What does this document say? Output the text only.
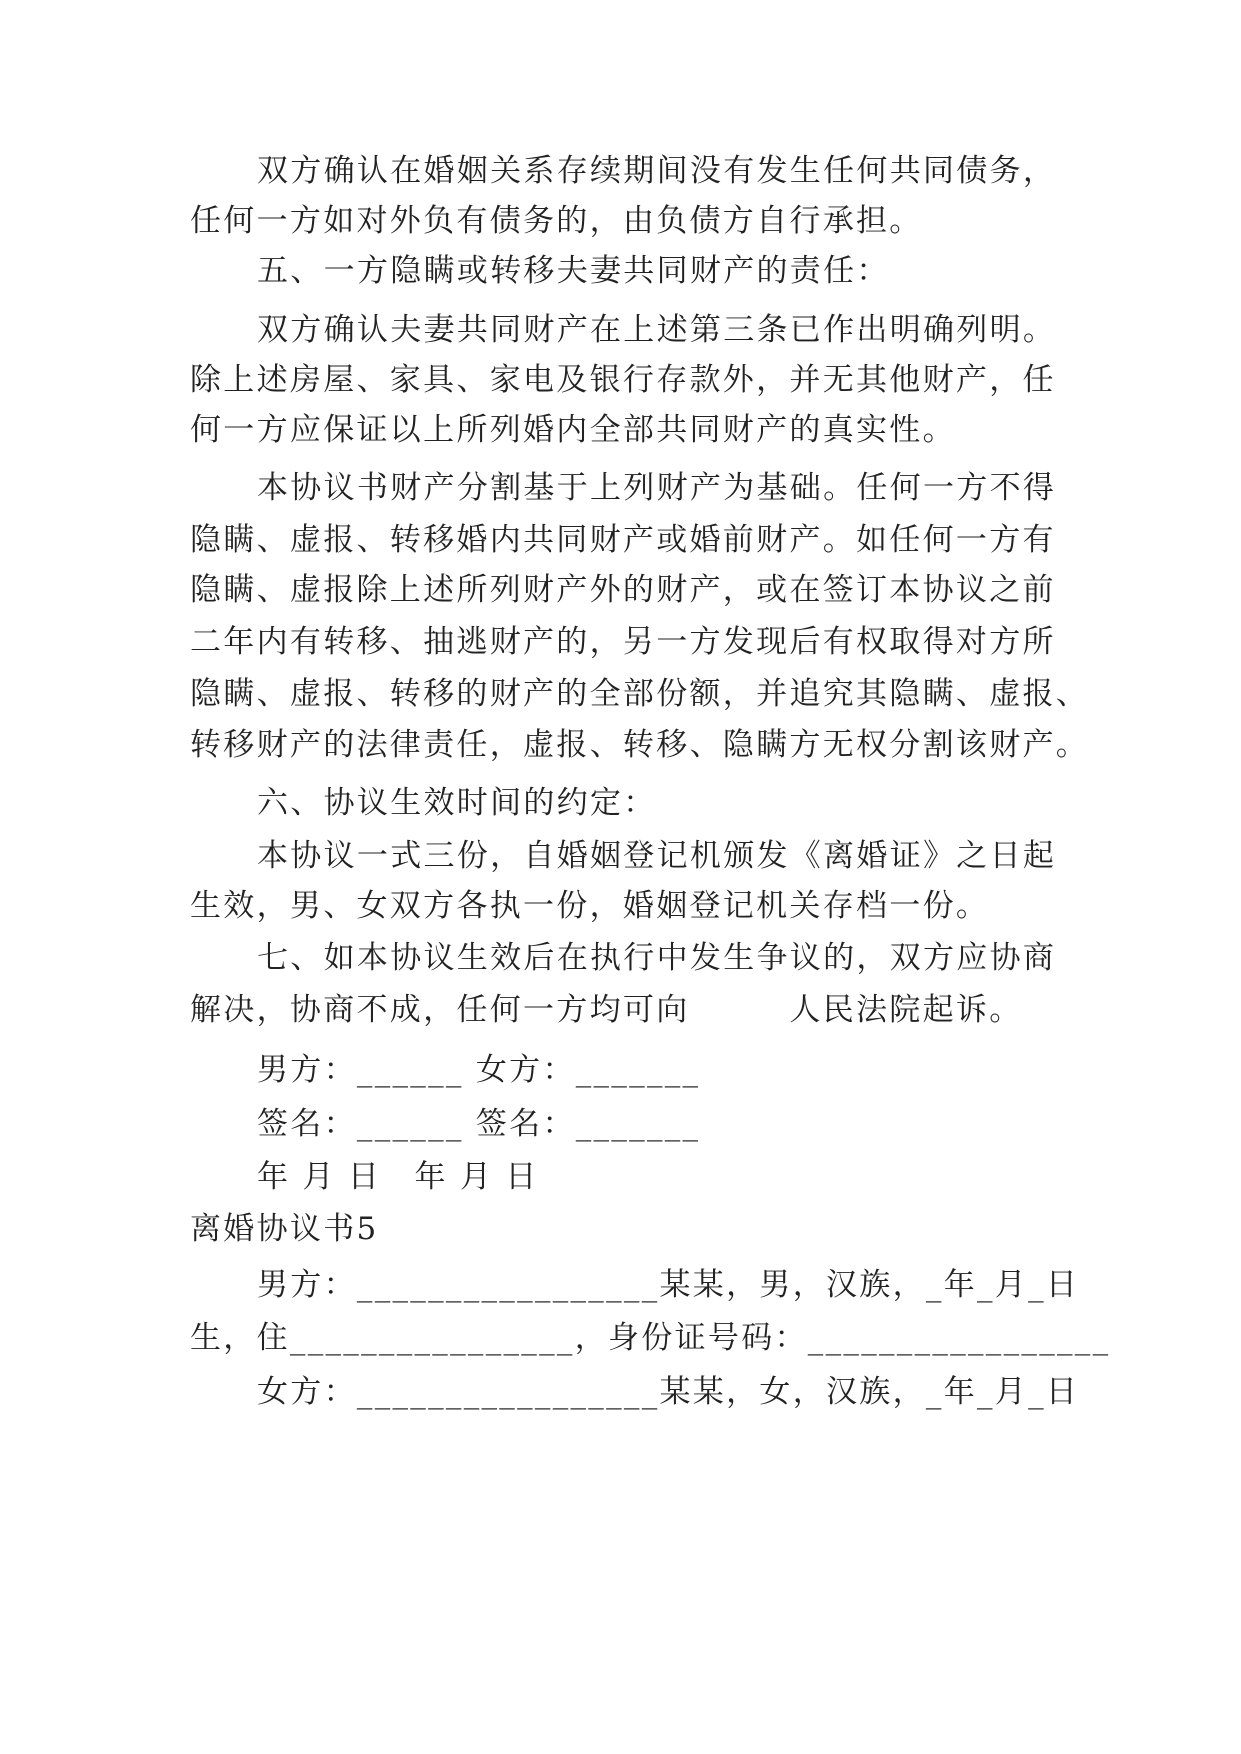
双方确认在婚姻关系存续期间没有发生任何共同债务，
任何一方如对外负有债务的，由负债方自行承担。
五、一方隐瞒或转移夫妻共同财产的责任：
双方确认夫妻共同财产在上述第三条已作出明确列明。
除上述房屋、家具、家电及银行存款外，并无其他财产，任
何一方应保证以上所列婚内全部共同财产的真实性。
本协议书财产分割基于上列财产为基础。任何一方不得
隐瞒、虚报、转移婚内共同财产或婚前财产。如任何一方有
隐瞒、虚报除上述所列财产外的财产，或在签订本协议之前
二年内有转移、抽逃财产的，另一方发现后有权取得对方所
隐瞒、虚报、转移的财产的全部份额，并追究其隐瞒、虚报、
转移财产的法律责任，虚报、转移、隐瞒方无权分割该财产。
六、协议生效时间的约定：
本协议一式三份，自婚姻登记机颁发《离婚证》之日起
生效，男、女双方各执一份，婚姻登记机关存档一份。
七、如本协议生效后在执行中发生争议的，双方应协商
解决，协商不成，任何一方均可向　　　人民法院起诉。
男方：______ 女方：_______
签名：______ 签名：_______
年 月 日　年 月 日
离婚协议书5
男方：_________________某某，男，汉族，_年_月_日
生，住________________，身份证号码：_________________
女方：_________________某某，女，汉族，_年_月_日
